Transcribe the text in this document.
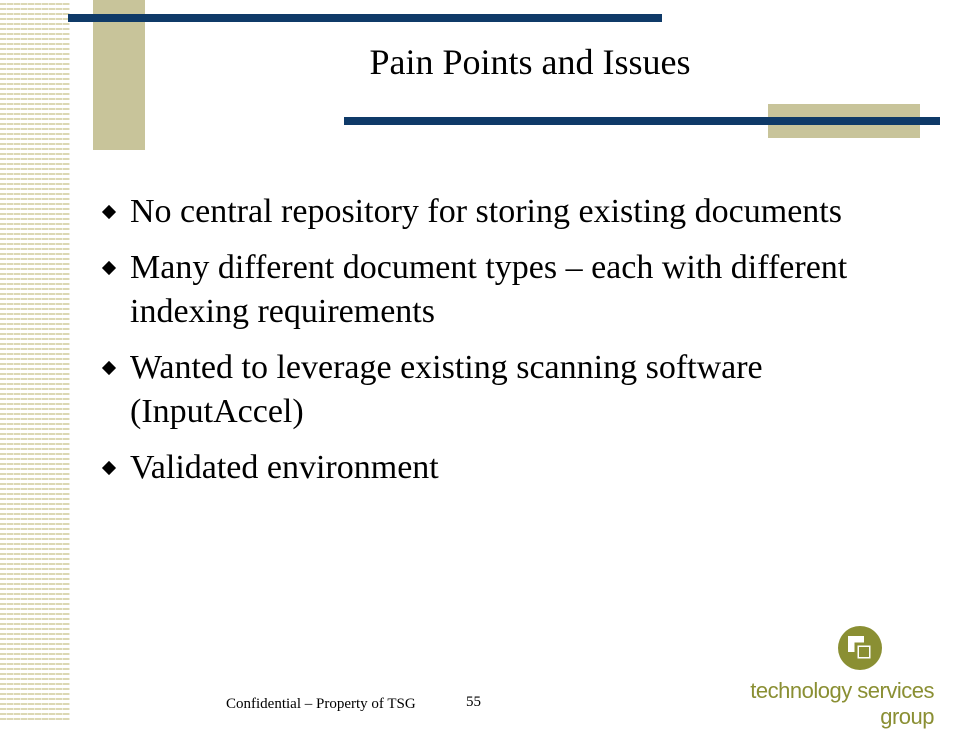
Pain Points and Issues
No central repository for storing existing documents
Many different document types – each with different indexing requirements
Wanted to leverage existing scanning software (InputAccel)
Validated environment
Confidential – Property of TSG	55	technology services group
